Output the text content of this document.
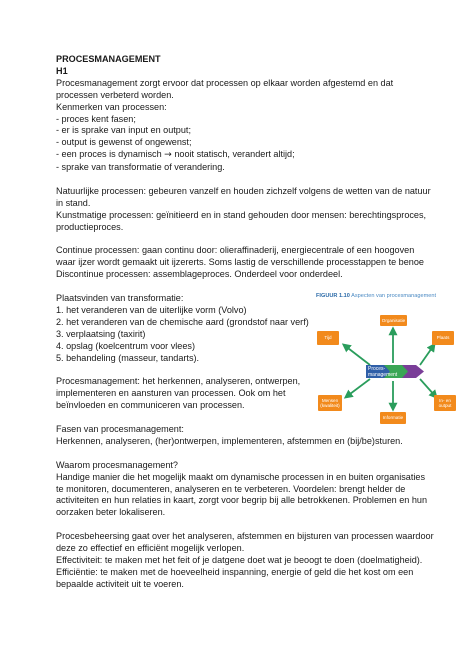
PROCESMANAGEMENT
H1
Procesmanagement zorgt ervoor dat processen op elkaar worden afgestemd en dat
processen verbeterd worden.
Kenmerken van processen:
- proces kent fasen;
- er is sprake van input en output;
- output is gewenst of ongewenst;
- een proces is dynamisch → nooit statisch, verandert altijd;
- sprake van transformatie of verandering.
Natuurlijke processen: gebeuren vanzelf en houden zichzelf volgens de wetten van de natuur
in stand.
Kunstmatige processen: geïnitieerd en in stand gehouden door mensen: berechtingsproces,
productieproces.
Continue processen: gaan continu door: olieraffinaderij, energiecentrale of een hoogoven
waar ijzer wordt gemaakt uit ijzererts. Soms lastig de verschillende processtappen te benoe
Discontinue processen: assemblageproces. Onderdeel voor onderdeel.
Plaatsvinden van transformatie:
1. het veranderen van de uiterlijke vorm (Volvo)
2. het veranderen van de chemische aard (grondstof naar verf)
3. verplaatsing (taxirit)
4. opslag (koelcentrum voor vlees)
5. behandeling (masseur, tandarts).
Procesmanagement: het herkennen, analyseren, ontwerpen,
implementeren en aansturen van processen. Ook om het
beïnvloeden en communiceren van processen.
Fasen van procesmanagement:
Herkennen, analyseren, (her)ontwerpen, implementeren, afstemmen en (bij/be)sturen.
Waarom procesmanagement?
Handige manier die het mogelijk maakt om dynamische processen in en buiten organisaties
te monitoren, documenteren, analyseren en te verbeteren. Voordelen: brengt helder de
activiteiten en hun relaties in kaart, zorgt voor begrip bij alle betrokkenen. Problemen en hun
oorzaken beter lokaliseren.
Procesbeheersing gaat over het analyseren, afstemmen en bijsturen van processen waardoor
deze zo effectief en efficiënt mogelijk verlopen.
Effectiviteit: te maken met het feit of je datgene doet wat je beoogt te doen (doelmatigheid).
Efficiëntie: te maken met de hoeveelheid inspanning, energie of geld die het kost om een
bepaalde activiteit uit te voeren.
FIGUUR 1.10 Aspecten van procesmanagement
Proces-management
Organisatie
Tijd	Plaats
Mensen
(kwaliteit)
Informatie
In- en
output
